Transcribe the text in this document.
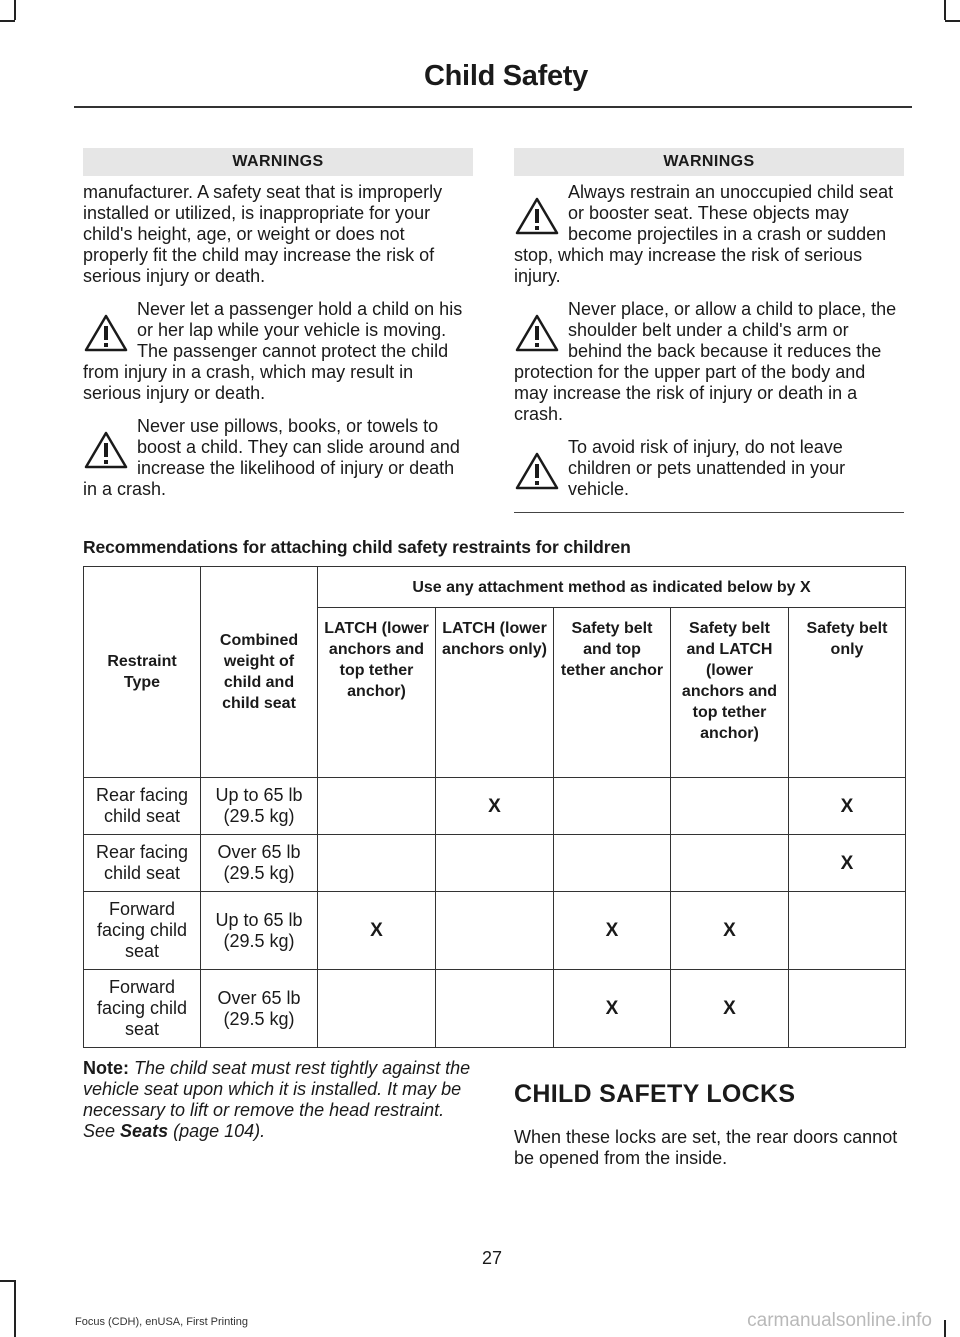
Child Safety
WARNINGS

manufacturer. A safety seat that is improperly installed or utilized, is inappropriate for your child's height, age, or weight or does not properly fit the child may increase the risk of serious injury or death.

Never let a passenger hold a child on his or her lap while your vehicle is moving. The passenger cannot protect the child from injury in a crash, which may result in serious injury or death.
Never use pillows, books, or towels to boost a child. They can slide around and increase the likelihood of injury or death in a crash.
WARNINGS
Always restrain an unoccupied child seat or booster seat. These objects may become projectiles in a crash or sudden stop, which may increase the risk of serious injury.
Never place, or allow a child to place, the shoulder belt under a child's arm or behind the back because it reduces the protection for the upper part of the body and may increase the risk of injury or death in a crash.
To avoid risk of injury, do not leave children or pets unattended in your vehicle.
Recommendations for attaching child safety restraints for children
Restraint Type	Combined weight of child and child seat	Use any attachment method as indicated below by X				
		LATCH (lower anchors and top tether anchor)	LATCH (lower anchors only)	Safety belt and top tether anchor	Safety belt and LATCH (lower anchors and top tether anchor)	Safety belt only
Rear facing child seat	Up to 65 lb (29.5 kg)		X			X
Rear facing child seat	Over 65 lb (29.5 kg)					X
Forward facing child seat	Up to 65 lb (29.5 kg)	X		X	X	
Forward facing child seat	Over 65 lb (29.5 kg)			X	X	
Note: The child seat must rest tightly against the vehicle seat upon which it is installed. It may be necessary to lift or remove the head restraint. See Seats (page 104).
CHILD SAFETY LOCKS
When these locks are set, the rear doors cannot be opened from the inside.
27
Focus (CDH), enUSA, First Printing	carmanualsonline.info
